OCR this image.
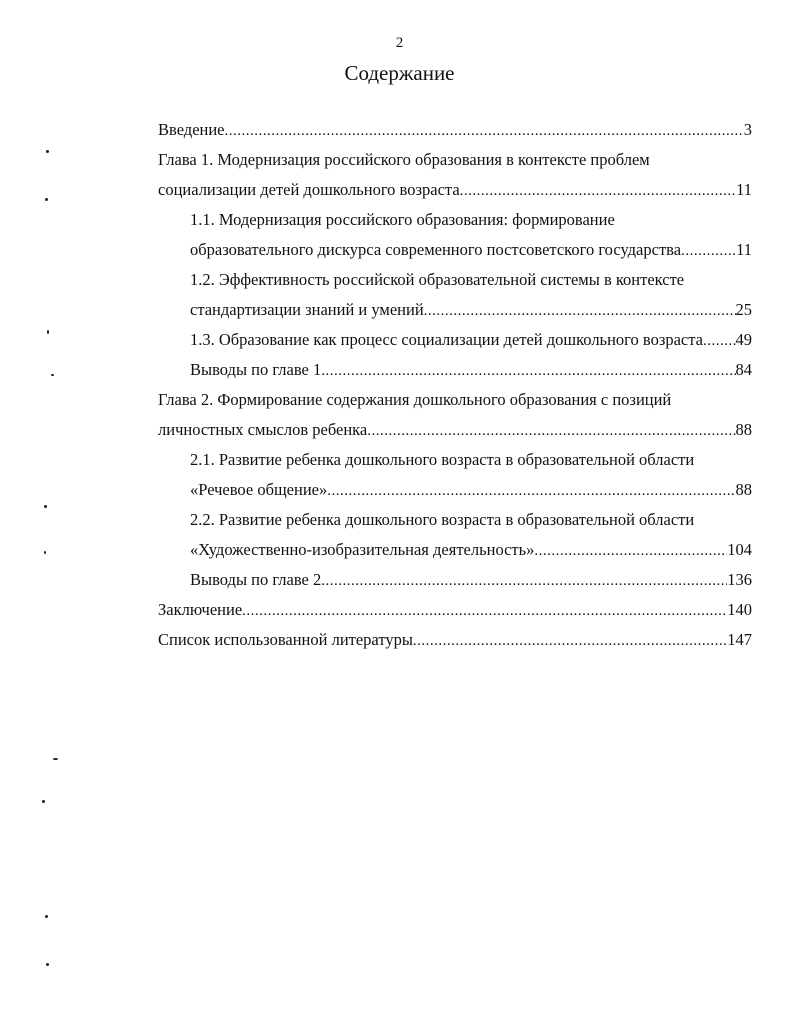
2
Содержание
Введение .....	3
Глава 1. Модернизация российского образования в контексте проблем
социализации детей дошкольного возраста .....	11
1.1. Модернизация российского образования: формирование
образовательного дискурса современного постсоветского государства .....	11
1.2. Эффективность российской образовательной системы в контексте
стандартизации знаний и умений .....	25
1.3. Образование как процесс социализации детей дошкольного возраста ..... 49
Выводы по главе 1 .....	84
Глава 2. Формирование содержания дошкольного образования с позиций
личностных смыслов ребенка .....	88
2.1. Развитие ребенка дошкольного возраста в образовательной области
«Речевое общение» .....	88
2.2. Развитие ребенка дошкольного возраста в образовательной области
«Художественно-изобразительная деятельность» .....	104
Выводы по главе 2 .....	136
Заключение .....	140
Список использованной литературы .....	147
